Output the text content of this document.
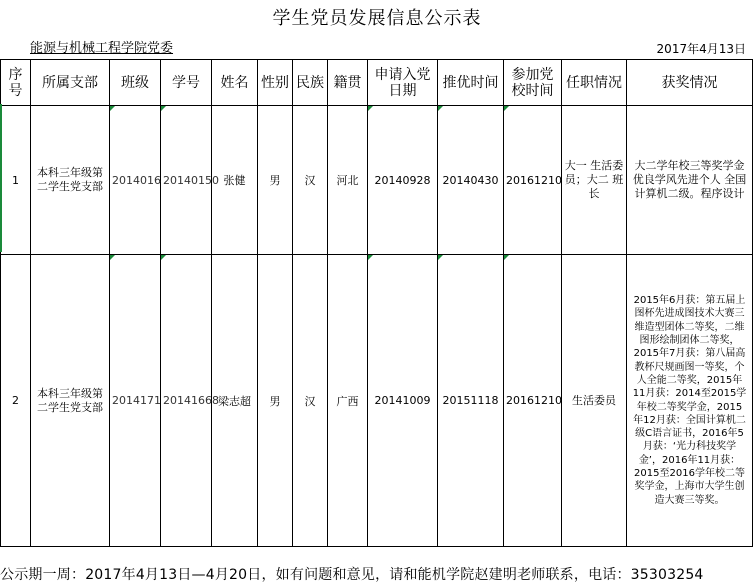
学生党员发展信息公示表
能源与机械工程学院党委	2017年4月13日
序号	所属支部	班级	学号	姓名	性别	民族	籍贯	申请入党日期	推优时间	参加党校时间	任职情况	获奖情况
1	本科三年级第二学生党支部	2014016	20140150	张健	男	汉	河北	20140928	20140430	20161210	大一 生活委员；大二 班长	大二学年校三等奖学金 优良学风先进个人 全国计算机二级。程序设计
2	本科三年级第二学生党支部	2014171	20141668	梁志超	男	汉	广西	20141009	20151118	20161210	生活委员	2015年6月获：第五届上图杯先进成图技术大赛三维造型团体二等奖，二维图形绘制团体二等奖，2015年7月获：第八届高教杯尺规画图一等奖，个人全能二等奖，2015年11月获：2014至2015学年校二等奖学金，2015年12月获：全国计算机二级C语言证书，2016年5月获：‘光力科技奖学金’，2016年11月获：2015至2016学年校二等奖学金，上海市大学生创造大赛三等奖。
公示期一周：2017年4月13日—4月20日，如有问题和意见，请和能机学院赵建明老师联系，电话：35303254
